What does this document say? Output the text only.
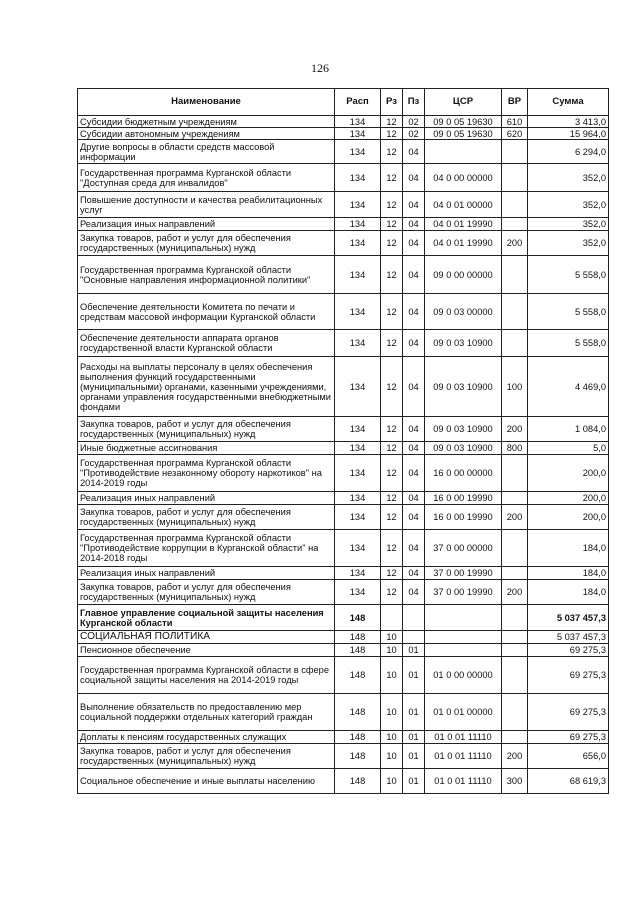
126
Наименование	Расп	Рз	Пз	ЦСР	ВР	Сумма
Субсидии бюджетным учреждениям	134	12	02	09 0 05 19630	610	3 413,0
Субсидии автономным учреждениям	134	12	02	09 0 05 19630	620	15 964,0
Другие вопросы в области средств массовой информации	134	12	04			6 294,0
Государственная программа Курганской области "Доступная среда для инвалидов"	134	12	04	04 0 00 00000		352,0
Повышение доступности и качества реабилитационных услуг	134	12	04	04 0 01 00000		352,0
Реализация иных направлений	134	12	04	04 0 01 19990		352,0
Закупка товаров, работ и услуг для обеспечения государственных (муниципальных) нужд	134	12	04	04 0 01 19990	200	352,0
Государственная программа Курганской области "Основные направления информационной политики"	134	12	04	09 0 00 00000		5 558,0
Обеспечение деятельности Комитета по печати и средствам массовой информации Курганской области	134	12	04	09 0 03 00000		5 558,0
Обеспечение деятельности аппарата органов государственной власти Курганской области	134	12	04	09 0 03 10900		5 558,0
Расходы на выплаты персоналу в целях обеспечения выполнения функций государственными (муниципальными) органами, казенными учреждениями, органами управления государственными внебюджетными фондами	134	12	04	09 0 03 10900	100	4 469,0
Закупка товаров, работ и услуг для обеспечения государственных (муниципальных) нужд	134	12	04	09 0 03 10900	200	1 084,0
Иные бюджетные ассигнования	134	12	04	09 0 03 10900	800	5,0
Государственная программа Курганской области "Противодействие незаконному обороту наркотиков" на 2014-2019 годы	134	12	04	16 0 00 00000		200,0
Реализация иных направлений	134	12	04	16 0 00 19990		200,0
Закупка товаров, работ и услуг для обеспечения государственных (муниципальных) нужд	134	12	04	16 0 00 19990	200	200,0
Государственная программа Курганской области "Противодействие коррупции в Курганской области" на 2014-2018 годы	134	12	04	37 0 00 00000		184,0
Реализация иных направлений	134	12	04	37 0 00 19990		184,0
Закупка товаров, работ и услуг для обеспечения государственных (муниципальных) нужд	134	12	04	37 0 00 19990	200	184,0
Главное управление социальной защиты населения Курганской области	148					5 037 457,3
СОЦИАЛЬНАЯ ПОЛИТИКА	148	10				5 037 457,3
Пенсионное обеспечение	148	10	01			69 275,3
Государственная программа Курганской области в сфере социальной защиты населения на 2014-2019 годы	148	10	01	01 0 00 00000		69 275,3
Выполнение обязательств по предоставлению мер социальной поддержки отдельных категорий граждан	148	10	01	01 0 01 00000		69 275,3
Доплаты к пенсиям государственных служащих	148	10	01	01 0 01 11110		69 275,3
Закупка товаров, работ и услуг для обеспечения государственных (муниципальных) нужд	148	10	01	01 0 01 11110	200	656,0
Социальное обеспечение и иные выплаты населению	148	10	01	01 0 01 11110	300	68 619,3
